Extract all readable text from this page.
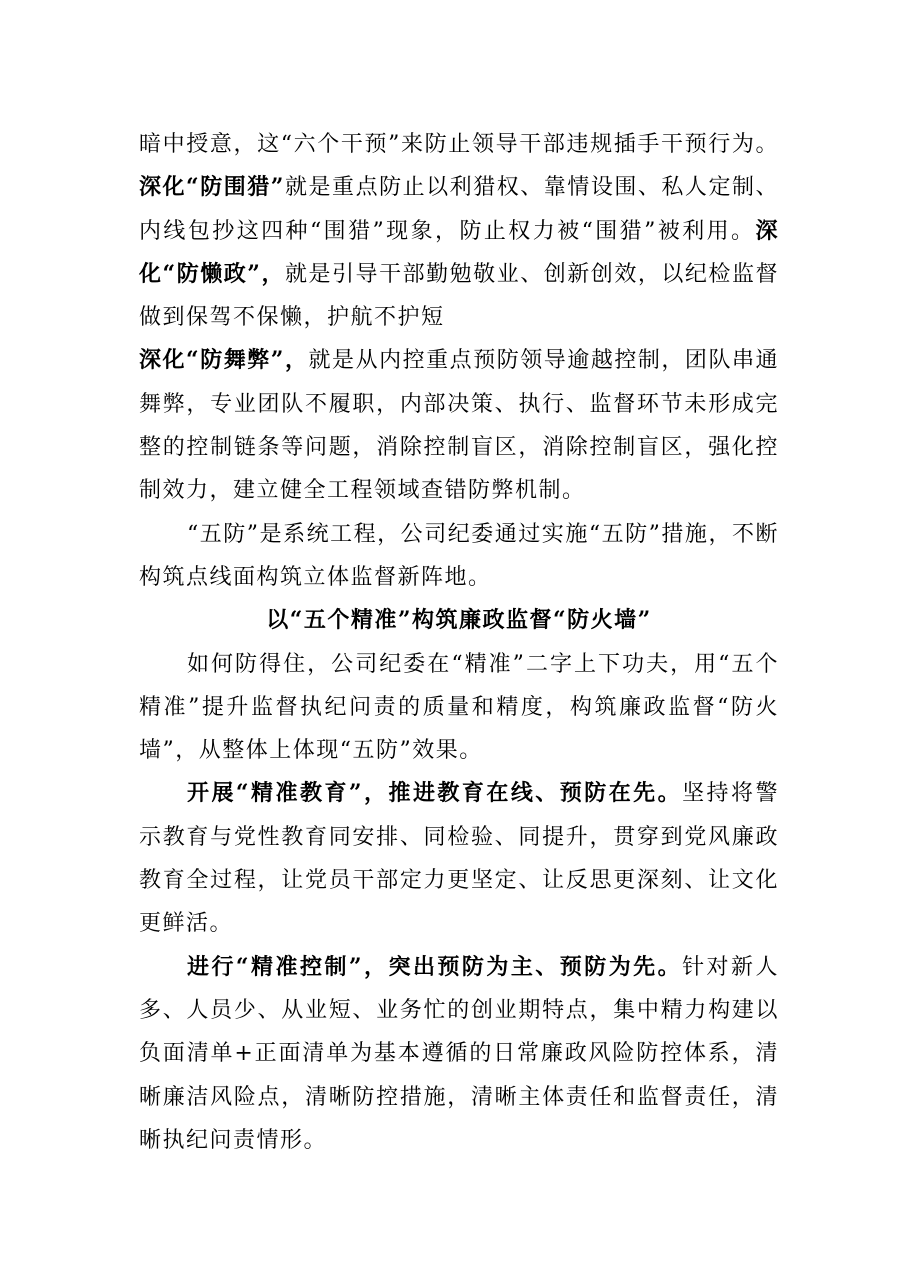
暗中授意，这“六个干预”来防止领导干部违规插手干预行为。深化“防围猎”就是重点防止以利猎权、靠情设围、私人定制、内线包抄这四种“围猎”现象，防止权力被“围猎”被利用。深化“防懒政”，就是引导干部勤勉敬业、创新创效，以纪检监督做到保驾不保懒，护航不护短
深化“防舞弊”，就是从内控重点预防领导逾越控制，团队串通舞弊，专业团队不履职，内部决策、执行、监督环节未形成完整的控制链条等问题，消除控制盲区，消除控制盲区，强化控制效力，建立健全工程领域查错防弊机制。

“五防”是系统工程，公司纪委通过实施“五防”措施，不断构筑点线面构筑立体监督新阵地。

以“五个精准”构筑廉政监督“防火墙”

如何防得住，公司纪委在“精准”二字上下功夫，用“五个精准”提升监督执纪问责的质量和精度，构筑廉政监督“防火墙”，从整体上体现“五防”效果。

开展“精准教育”，推进教育在线、预防在先。坚持将警示教育与党性教育同安排、同检验、同提升，贯穿到党风廉政教育全过程，让党员干部定力更坚定、让反思更深刻、让文化更鲜活。

进行“精准控制”，突出预防为主、预防为先。针对新人多、人员少、从业短、业务忙的创业期特点，集中精力构建以负面清单+正面清单为基本遵循的日常廉政风险防控体系，清晰廉洁风险点，清晰防控措施，清晰主体责任和监督责任，清晰执纪问责情形。
